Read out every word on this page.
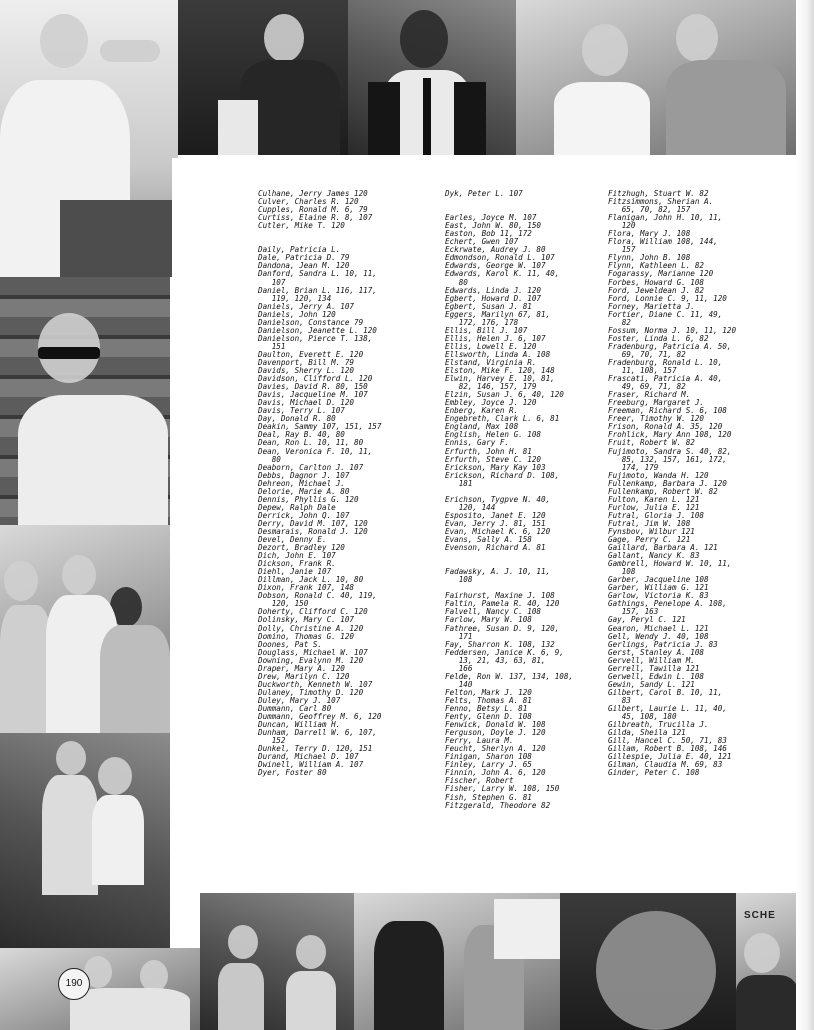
SCHE
190
Culhane, Jerry James 120
Culver, Charles R. 120
Cupples, Ronald M. 6, 79
Curtiss, Elaine R. 8, 107
Cutler, Mike T. 120

Daily, Patricia L.
Dale, Patricia D. 79
Dandona, Jean M. 120
Danford, Sandra L. 10, 11,
107
Daniel, Brian L. 116, 117,
119, 120, 134
Daniels, Jerry A. 107
Daniels, John 120
Danielson, Constance 79
Danielson, Jeanette L. 120
Danielson, Pierce T. 138,
151
Daulton, Everett E. 120
Davenport, Bill M. 79
Davids, Sherry L. 120
Davidson, Clifford L. 120
Davies, David R. 80, 150
Davis, Jacqueline M. 107
Davis, Michael D. 120
Davis, Terry L. 107
Day, Donald R. 80
Deakin, Sammy 107, 151, 157
Deal, Ray B. 40, 80
Dean, Ron L. 10, 11, 80
Dean, Veronica F. 10, 11,
80
Deaborn, Carlton J. 107
Debbs, Dagnor J. 107
Dehreon, Michael J.
Delorie, Marie A. 80
Dennis, Phyllis G. 120
Depew, Ralph Dale
Derrick, John Q. 107
Derry, David M. 107, 120
Desmarais, Ronald J. 120
Devel, Denny E.
Dezort, Bradley 120
Dich, John E. 107
Dickson, Frank R.
Diehl, Janie 107
Dillman, Jack L. 10, 80
Dixon, Frank 107, 148
Dobson, Ronald C. 40, 119,
120, 150
Doherty, Clifford C. 120
Dolinsky, Mary C. 107
Dolly, Christine A. 120
Domino, Thomas G. 120
Doones, Pat S.
Douglass, Michael W. 107
Downing, Evalynn M. 120
Draper, Mary A. 120
Drew, Marilyn C. 120
Duckworth, Kenneth W. 107
Dulaney, Timothy D. 120
Duley, Mary J. 107
Dummann, Carl 80
Dummann, Geoffrey M. 6, 120
Duncan, William H.
Dunham, Darrell W. 6, 107,
152
Dunkel, Terry D. 120, 151
Durand, Michael D. 107
Dwinell, William A. 107
Dyer, Foster 80
Dyk, Peter L. 107

Earles, Joyce M. 107
East, John W. 80, 150
Easton, Bob 11, 172
Echert, Gwen 107
Eckrwate, Audrey J. 80
Edmondson, Ronald L. 107
Edwards, George W. 107
Edwards, Karol K. 11, 40,
80
Edwards, Linda J. 120
Egbert, Howard D. 107
Egbert, Susan J. 81
Eggers, Marilyn 67, 81,
172, 176, 178
Ellis, Bill J. 107
Ellis, Helen J. 6, 107
Ellis, Lowell E. 120
Ellsworth, Linda A. 108
Elstand, Virginia R.
Elston, Mike F. 120, 148
Elwin, Harvey E. 10, 81,
82, 146, 157, 179
Elzin, Susan J. 6, 40, 120
Embley, Joyce J. 120
Enberg, Karen R.
Engebreth, Clark L. 6, 81
England, Max 108
English, Helen G. 108
Ennis, Gary F.
Erfurth, John H. 81
Erfurth, Steve C. 120
Erickson, Mary Kay 103
Erickson, Richard D. 108,
181

Erichson, Tygpve N. 40,
120, 144
Esposito, Janet E. 120
Evan, Jerry J. 81, 151
Evan, Michael K. 6, 120
Evans, Sally A. 158
Evenson, Richard A. 81

Fadawsky, A. J. 10, 11,
108

Fairhurst, Maxine J. 108
Faltin, Pamela R. 40, 120
Falvell, Nancy C. 108
Farlow, Mary W. 108
Fathree, Susan D. 9, 120,
171
Fay, Sharron K. 108, 132
Feddersen, Janice K. 6, 9,
13, 21, 43, 63, 81,
166
Felde, Ron W. 137, 134, 108,
140
Felton, Mark J. 120
Felts, Thomas A. 81
Fenno, Betsy L. 81
Fenty, Glenn D. 108
Fenwick, Donald W. 108
Ferguson, Doyle J. 120
Ferry, Laura M.
Feucht, Sherlyn A. 120
Finigan, Sharon 108
Finley, Larry J. 65
Finnin, John A. 6, 120
Fischer, Robert
Fisher, Larry W. 108, 150
Fish, Stephen G. 81
Fitzgerald, Theodore 82
Fitzhugh, Stuart W. 82
Fitzsimmons, Sherian A.
65, 70, 82, 157
Flanigan, John H. 10, 11,
120
Flora, Mary J. 108
Flora, William 108, 144,
157
Flynn, John B. 108
Flynn, Kathleen L. 82
Fogarassy, Marianne 120
Forbes, Howard G. 108
Ford, Jeweldean J. 82
Ford, Lonnie C. 9, 11, 120
Forney, Marietta J.
Fortier, Diane C. 11, 49,
82
Fossum, Norma J. 10, 11, 120
Foster, Linda L. 6, 82
Fradenburg, Patricia A. 50,
69, 70, 71, 82
Fradenburg, Ronald L. 10,
11, 108, 157
Frascati, Patricia A. 40,
49, 69, 71, 82
Fraser, Richard M.
Freeburg, Margaret J.
Freeman, Richard S. 6, 108
Freer, Timothy W. 120
Frison, Ronald A. 35, 120
Frohlick, Mary Ann 108, 120
Fruit, Robert W. 82
Fujimoto, Sandra S. 40, 82,
85, 132, 157, 161, 172,
174, 179
Fujimoto, Wanda H. 120
Fullenkamp, Barbara J. 120
Fullenkamp, Robert W. 82
Fulton, Karen L. 121
Furlow, Julia E. 121
Futral, Gloria J. 108
Futral, Jim W. 108
Fynsbov, Wilbur 121
Gage, Perry C. 121
Gaillard, Barbara A. 121
Gallant, Nancy K. 83
Gambrell, Howard W. 10, 11,
108
Garber, Jacqueline 108
Garber, William G. 121
Garlow, Victoria K. 83
Gathings, Penelope A. 108,
157, 163
Gay, Peryl C. 121
Gearon, Michael L. 121
Gell, Wendy J. 40, 108
Gerlings, Patricia J. 83
Gerst, Stanley A. 108
Gervell, William M.
Gerrell, Tawilla 121
Gerwell, Edwin L. 108
Gewin, Sandy L. 121
Gilbert, Carol B. 10, 11,
83
Gilbert, Laurie L. 11, 40,
45, 108, 180
Gilbreath, Trucilla J.
Gilda, Sheila 121
Gill, Hancel C. 50, 71, 83
Gillam, Robert B. 108, 146
Gillespie, Julia E. 40, 121
Gilman, Claudia M. 69, 83
Ginder, Peter C. 108
